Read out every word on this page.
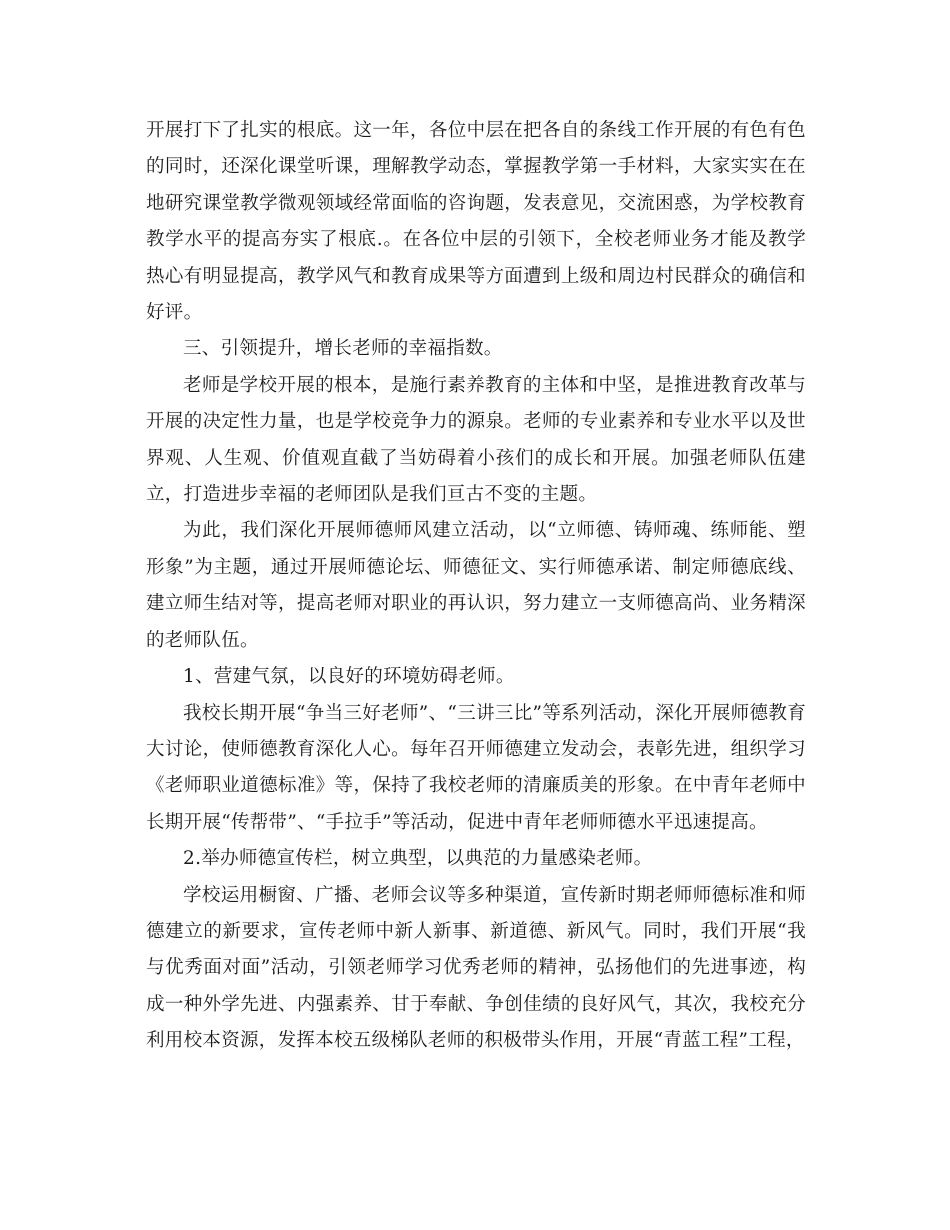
开展打下了扎实的根底。这一年，各位中层在把各自的条线工作开展的有色有色的同时，还深化课堂听课，理解教学动态，掌握教学第一手材料，大家实实在在地研究课堂教学微观领域经常面临的咨询题，发表意见，交流困惑，为学校教育教学水平的提高夯实了根底.。在各位中层的引领下，全校老师业务才能及教学热心有明显提高，教学风气和教育成果等方面遭到上级和周边村民群众的确信和好评。

三、引领提升，增长老师的幸福指数。

老师是学校开展的根本，是施行素养教育的主体和中坚，是推进教育改革与开展的决定性力量，也是学校竞争力的源泉。老师的专业素养和专业水平以及世界观、人生观、价值观直截了当妨碍着小孩们的成长和开展。加强老师队伍建立，打造进步幸福的老师团队是我们亘古不变的主题。

为此，我们深化开展师德师风建立活动，以“立师德、铸师魂、练师能、塑形象”为主题，通过开展师德论坛、师德征文、实行师德承诺、制定师德底线、建立师生结对等，提高老师对职业的再认识，努力建立一支师德高尚、业务精深的老师队伍。

1、营建气氛，以良好的环境妨碍老师。

我校长期开展“争当三好老师”、“三讲三比”等系列活动，深化开展师德教育大讨论，使师德教育深化人心。每年召开师德建立发动会，表彰先进，组织学习《老师职业道德标准》等，保持了我校老师的清廉质美的形象。在中青年老师中长期开展“传帮带”、“手拉手”等活动，促进中青年老师师德水平迅速提高。

2.举办师德宣传栏，树立典型，以典范的力量感染老师。

学校运用橱窗、广播、老师会议等多种渠道，宣传新时期老师师德标准和师德建立的新要求，宣传老师中新人新事、新道德、新风气。同时，我们开展“我与优秀面对面”活动，引领老师学习优秀老师的精神，弘扬他们的先进事迹，构成一种外学先进、内强素养、甘于奉献、争创佳绩的良好风气，其次，我校充分利用校本资源，发挥本校五级梯队老师的积极带头作用，开展“青蓝工程”工程，
